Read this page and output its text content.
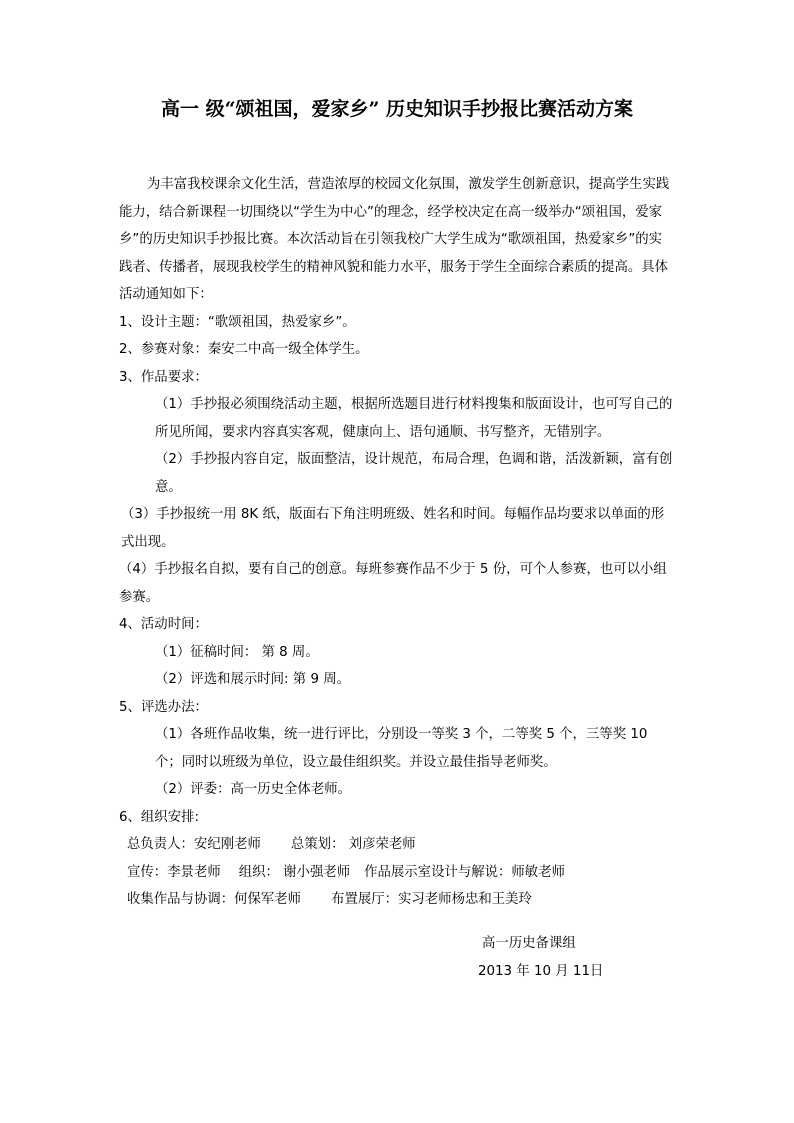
高一 级“颂祖国，爱家乡” 历史知识手抄报比赛活动方案

为丰富我校课余文化生活，营造浓厚的校园文化氛围，激发学生创新意识，提高学生实践能力，结合新课程一切围绕以“学生为中心”的理念，经学校决定在高一级举办“颂祖国，爱家乡”的历史知识手抄报比赛。本次活动旨在引领我校广大学生成为“歌颂祖国，热爱家乡”的实践者、传播者，展现我校学生的精神风貌和能力水平，服务于学生全面综合素质的提高。具体活动通知如下：

1、设计主题：“歌颂祖国，热爱家乡”。

2、参赛对象：秦安二中高一级全体学生。

3、作品要求：

（1）手抄报必须围绕活动主题，根据所选题目进行材料搜集和版面设计，也可写自己的所见所闻，要求内容真实客观，健康向上、语句通顺、书写整齐，无错别字。

（2）手抄报内容自定，版面整洁，设计规范，布局合理，色调和谐，活泼新颖，富有创意。

（3）手抄报统一用 8K 纸，版面右下角注明班级、姓名和时间。每幅作品均要求以单面的形式出现。

（4）手抄报名自拟，要有自己的创意。每班参赛作品不少于 5 份，可个人参赛，也可以小组参赛。

4、活动时间：

（1）征稿时间： 第 8 周。

（2）评选和展示时间: 第 9 周。

5、评选办法：

（1）各班作品收集，统一进行评比，分别设一等奖 3 个，二等奖 5 个，三等奖 10 个；同时以班级为单位，设立最佳组织奖。并设立最佳指导老师奖。

（2）评委：高一历史全体老师。

6、组织安排:

总负责人：安纪刚老师 总策划： 刘彦荣老师

宣传：李景老师 组织： 谢小强老师 作品展示室设计与解说：师敏老师

收集作品与协调：何保军老师 布置展厅：实习老师杨忠和王美玲

高一历史备课组
2013 年 10 月 11日
